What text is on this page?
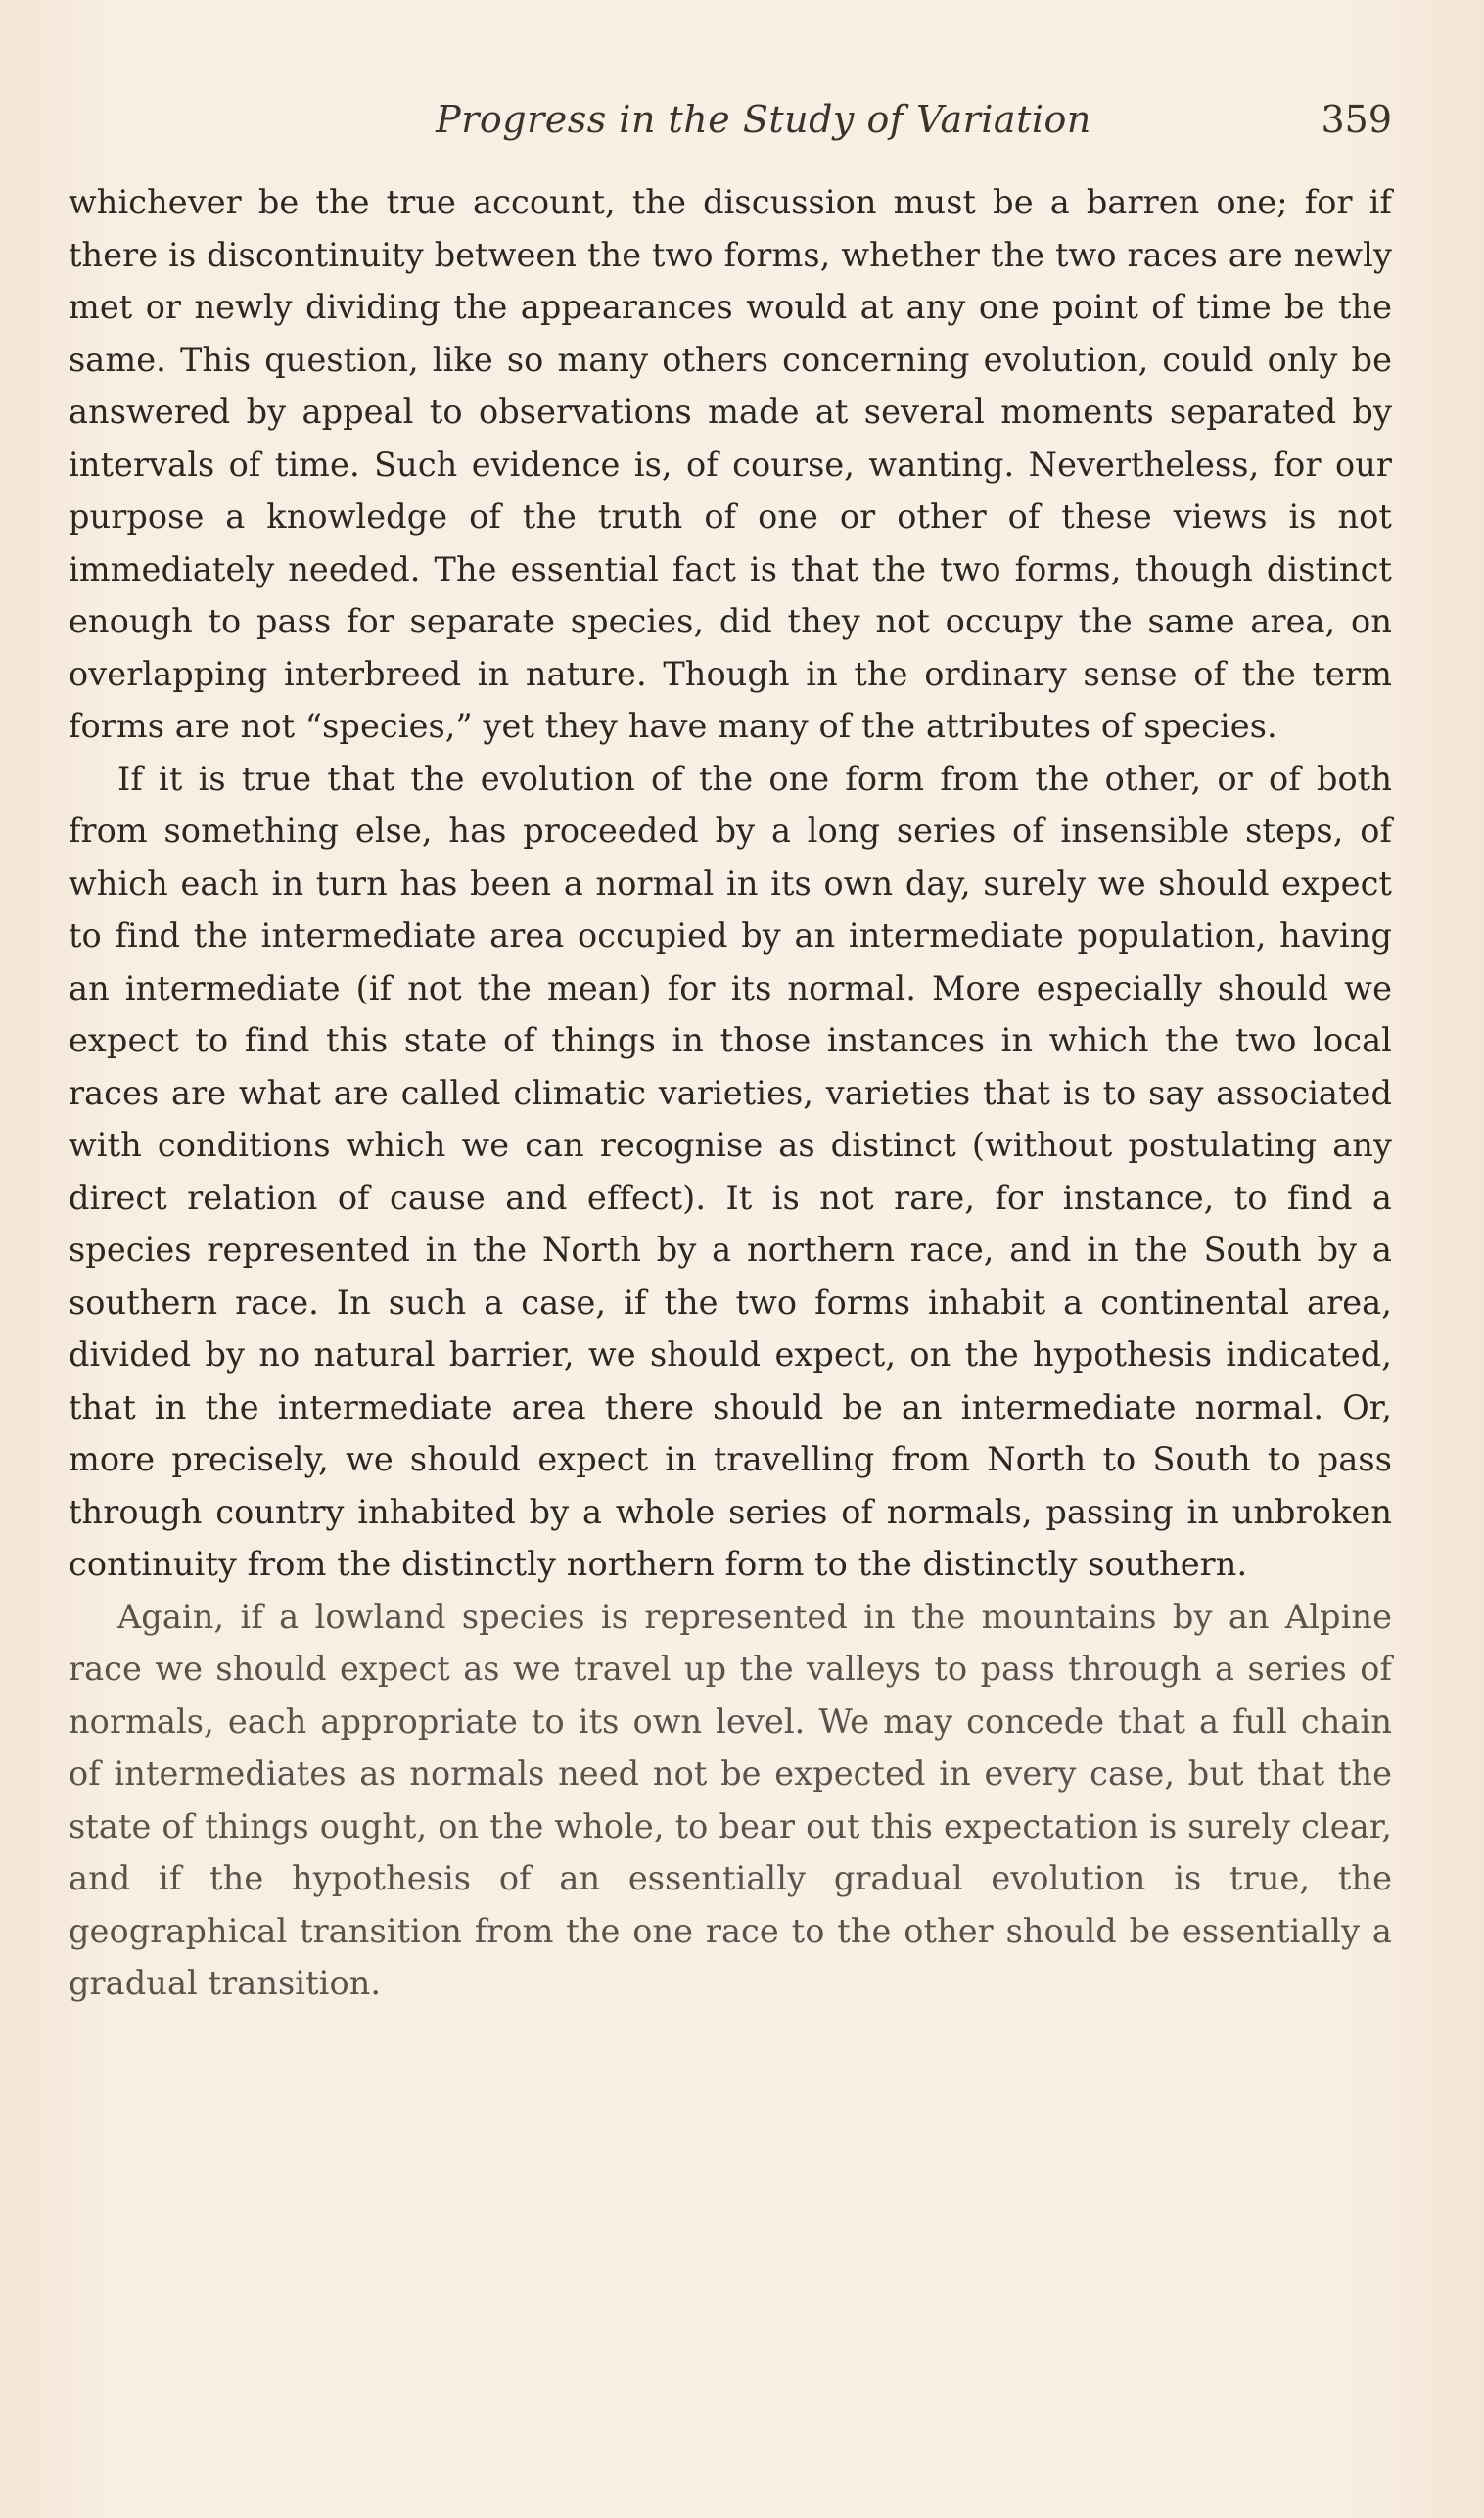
Progress in the Study of Variation	359

whichever be the true account, the discussion must be a barren one; for if there is discontinuity between the two forms, whether the two races are newly met or newly dividing the appearances would at any one point of time be the same. This question, like so many others concerning evolution, could only be answered by appeal to observations made at several moments separated by intervals of time. Such evidence is, of course, wanting. Nevertheless, for our purpose a knowledge of the truth of one or other of these views is not immediately needed. The essential fact is that the two forms, though distinct enough to pass for separate species, did they not occupy the same area, on overlapping interbreed in nature. Though in the ordinary sense of the term forms are not “species,” yet they have many of the attributes of species.

If it is true that the evolution of the one form from the other, or of both from something else, has proceeded by a long series of insensible steps, of which each in turn has been a normal in its own day, surely we should expect to find the intermediate area occupied by an intermediate population, having an intermediate (if not the mean) for its normal. More especially should we expect to find this state of things in those instances in which the two local races are what are called climatic varieties, varieties that is to say associated with conditions which we can recognise as distinct (without postulating any direct relation of cause and effect). It is not rare, for instance, to find a species represented in the North by a northern race, and in the South by a southern race. In such a case, if the two forms inhabit a continental area, divided by no natural barrier, we should expect, on the hypothesis indicated, that in the intermediate area there should be an intermediate normal. Or, more precisely, we should expect in travelling from North to South to pass through country inhabited by a whole series of normals, passing in unbroken continuity from the distinctly northern form to the distinctly southern.

Again, if a lowland species is represented in the mountains by an Alpine race we should expect as we travel up the valleys to pass through a series of normals, each appropriate to its own level. We may concede that a full chain of intermediates as normals need not be expected in every case, but that the state of things ought, on the whole, to bear out this expectation is surely clear, and if the hypothesis of an essentially gradual evolution is true, the geographical transition from the one race to the other should be essentially a gradual transition.
